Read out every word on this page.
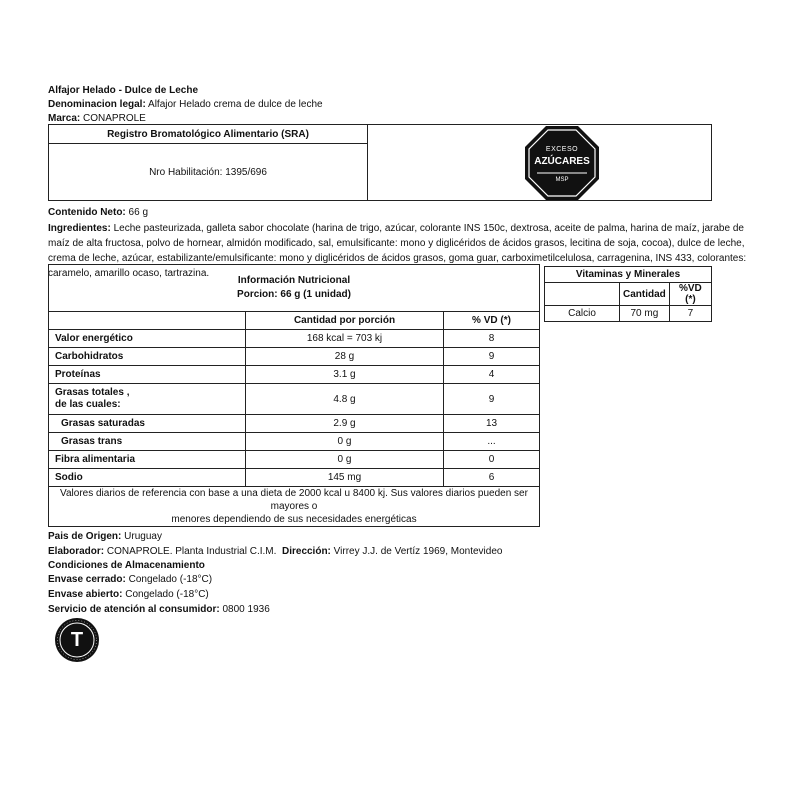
Alfajor Helado - Dulce de Leche
Denominacion legal: Alfajor Helado crema de dulce de leche
Marca: CONAPROLE
Registro Bromatológico Alimentario (SRA)	
Nro Habilitación: 1395/696
EXCESO
AZÚCARES
MSP
Contenido Neto: 66 g
Ingredientes: Leche pasteurizada, galleta sabor chocolate (harina de trigo, azúcar, colorante INS 150c, dextrosa, aceite de palma, harina de maíz, jarabe de maíz de alta fructosa, polvo de hornear, almidón modificado, sal, emulsificante: mono y diglicéridos de ácidos grasos, lecitina de soja, cocoa), dulce de leche, crema de leche, azúcar, estabilizante/emulsificante: mono y diglicéridos de ácidos grasos, goma guar, carboximetilcelulosa, carragenina, INS 433, colorantes: caramelo, amarillo ocaso, tartrazina.
Información Nutricional
Porcion: 66 g (1 unidad)		

	Cantidad por porción	% VD (*)
Valor energético	168 kcal = 703 kj	8
Carbohidratos	28 g	9
Proteínas	3.1 g	4

Grasas totales ,
de las cuales:	4.8 g	9
Grasas saturadas	2.9 g	13
Grasas trans	0 g	...
Fibra alimentaria	0 g	0
Sodio	145 mg	6

Valores diarios de referencia con base a una dieta de 2000 kcal u 8400 kj. Sus valores diarios pueden ser mayores o
menores dependiendo de sus necesidades energéticas		
Vitaminas y Minerales		
	Cantidad	%VD (*)
Calcio	70 mg	7
Pais de Origen: Uruguay
Elaborador: CONAPROLE. Planta Industrial C.I.M. Dirección: Virrey J.J. de Vertíz 1969, Montevideo
Condiciones de Almacenamiento
Envase cerrado: Congelado (-18°C)
Envase abierto: Congelado (-18°C)
Servicio de atención al consumidor: 0800 1936
T
